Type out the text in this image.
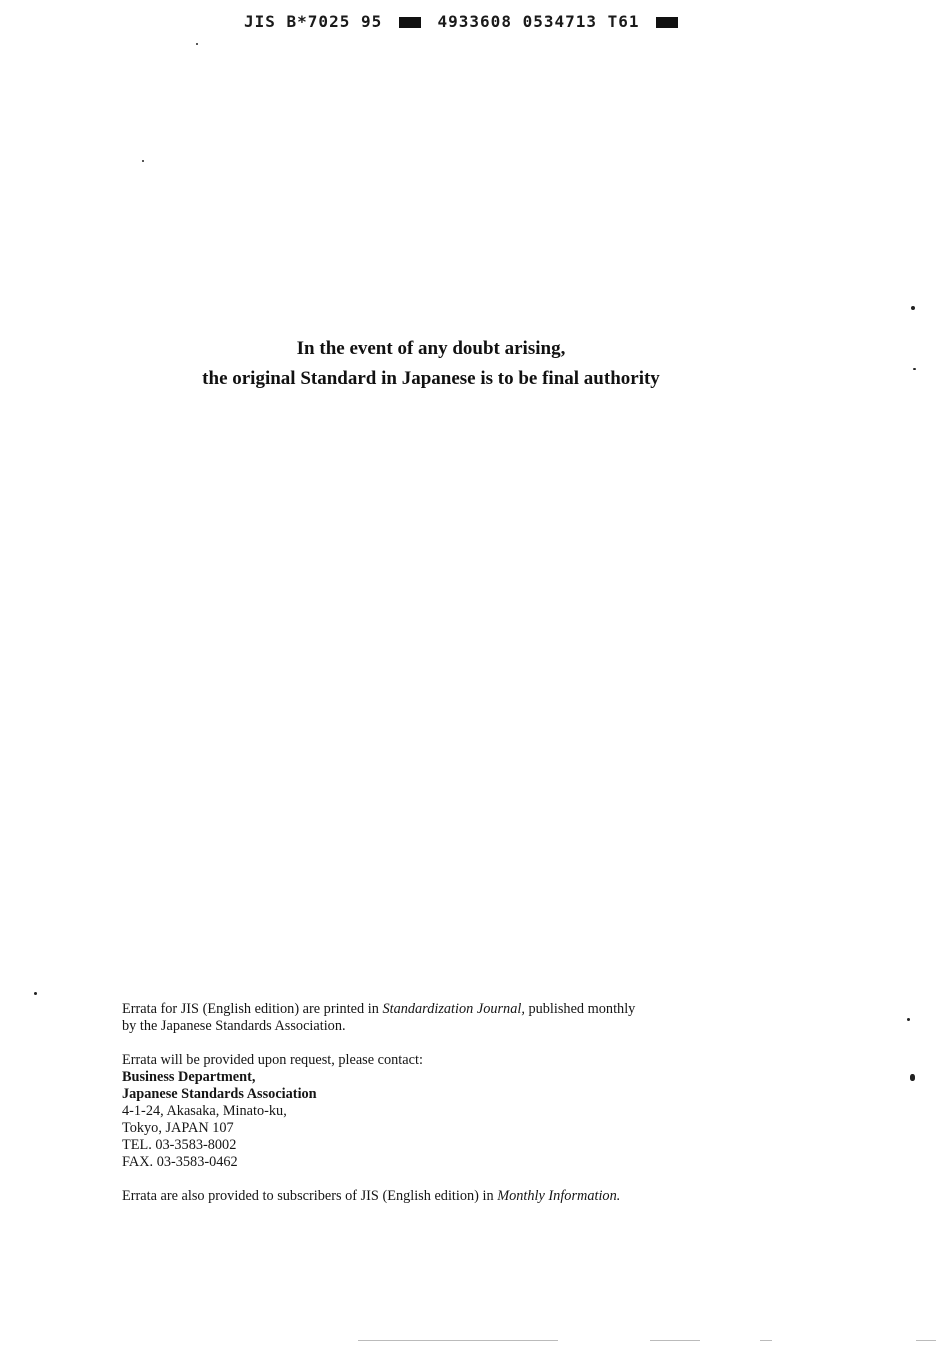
JIS B*7025 95	4933608 0534713 T61
In the event of any doubt arising,
the original Standard in Japanese is to be final authority

Errata for JIS (English edition) are printed in Standardization Journal, published monthly

by the Japanese Standards Association.

Errata will be provided upon request, please contact:

Business Department,

Japanese Standards Association

4-1-24, Akasaka, Minato-ku,

Tokyo, JAPAN 107

TEL. 03-3583-8002

FAX. 03-3583-0462

Errata are also provided to subscribers of JIS (English edition) in Monthly Information.
